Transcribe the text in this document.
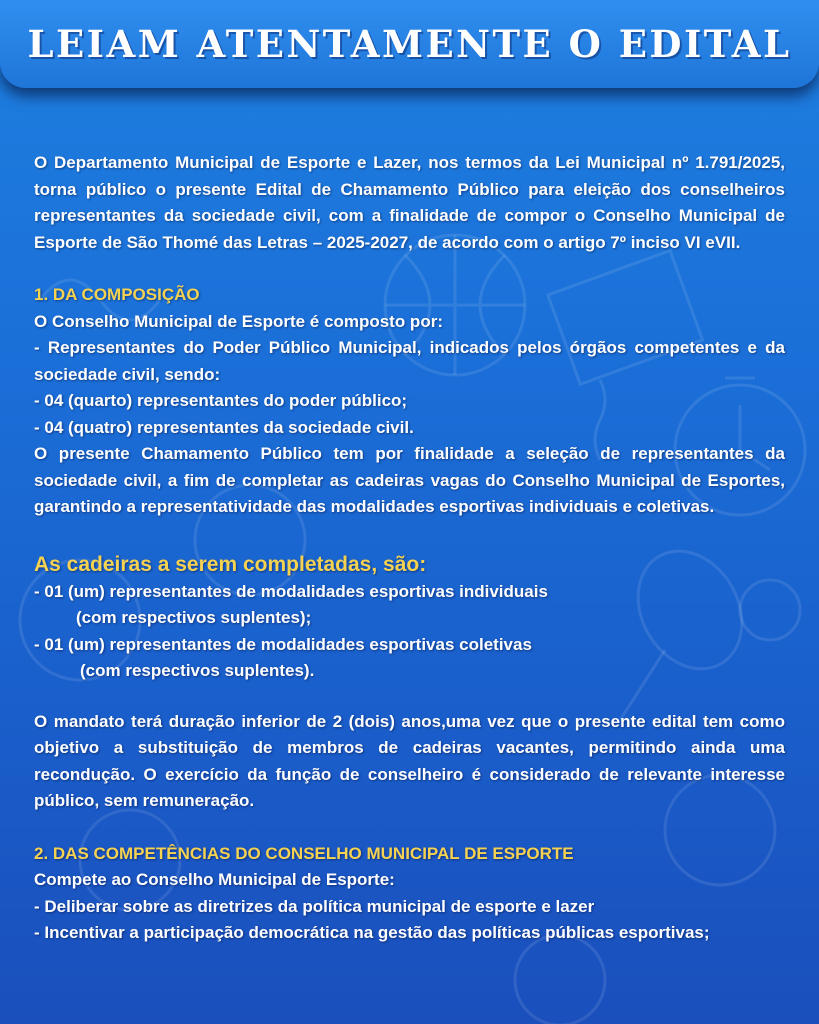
LEIAM ATENTAMENTE O EDITAL

O Departamento Municipal de Esporte e Lazer, nos termos da Lei Municipal nº 1.791/2025, torna público o presente Edital de Chamamento Público para eleição dos conselheiros representantes da sociedade civil, com a finalidade de compor o Conselho Municipal de Esporte de São Thomé das Letras – 2025-2027, de acordo com o artigo 7º inciso VI eVII.

1. DA COMPOSIÇÃO

O Conselho Municipal de Esporte é composto por:

- Representantes do Poder Público Municipal, indicados pelos órgãos competentes e da sociedade civil, sendo:

- 04 (quarto) representantes do poder público;

- 04 (quatro) representantes da sociedade civil.

O presente Chamamento Público tem por finalidade a seleção de representantes da sociedade civil, a fim de completar as cadeiras vagas do Conselho Municipal de Esportes, garantindo a representatividade das modalidades esportivas individuais e coletivas.

As cadeiras a serem completadas, são:

- 01 (um) representantes de modalidades esportivas individuais

(com respectivos suplentes);

- 01 (um) representantes de modalidades esportivas coletivas

(com respectivos suplentes).

O mandato terá duração inferior de 2 (dois) anos,uma vez que o presente edital tem como objetivo a substituição de membros de cadeiras vacantes, permitindo ainda uma recondução. O exercício da função de conselheiro é considerado de relevante interesse público, sem remuneração.

2. DAS COMPETÊNCIAS DO CONSELHO MUNICIPAL DE ESPORTE

Compete ao Conselho Municipal de Esporte:

- Deliberar sobre as diretrizes da política municipal de esporte e lazer

- Incentivar a participação democrática na gestão das políticas públicas esportivas;
